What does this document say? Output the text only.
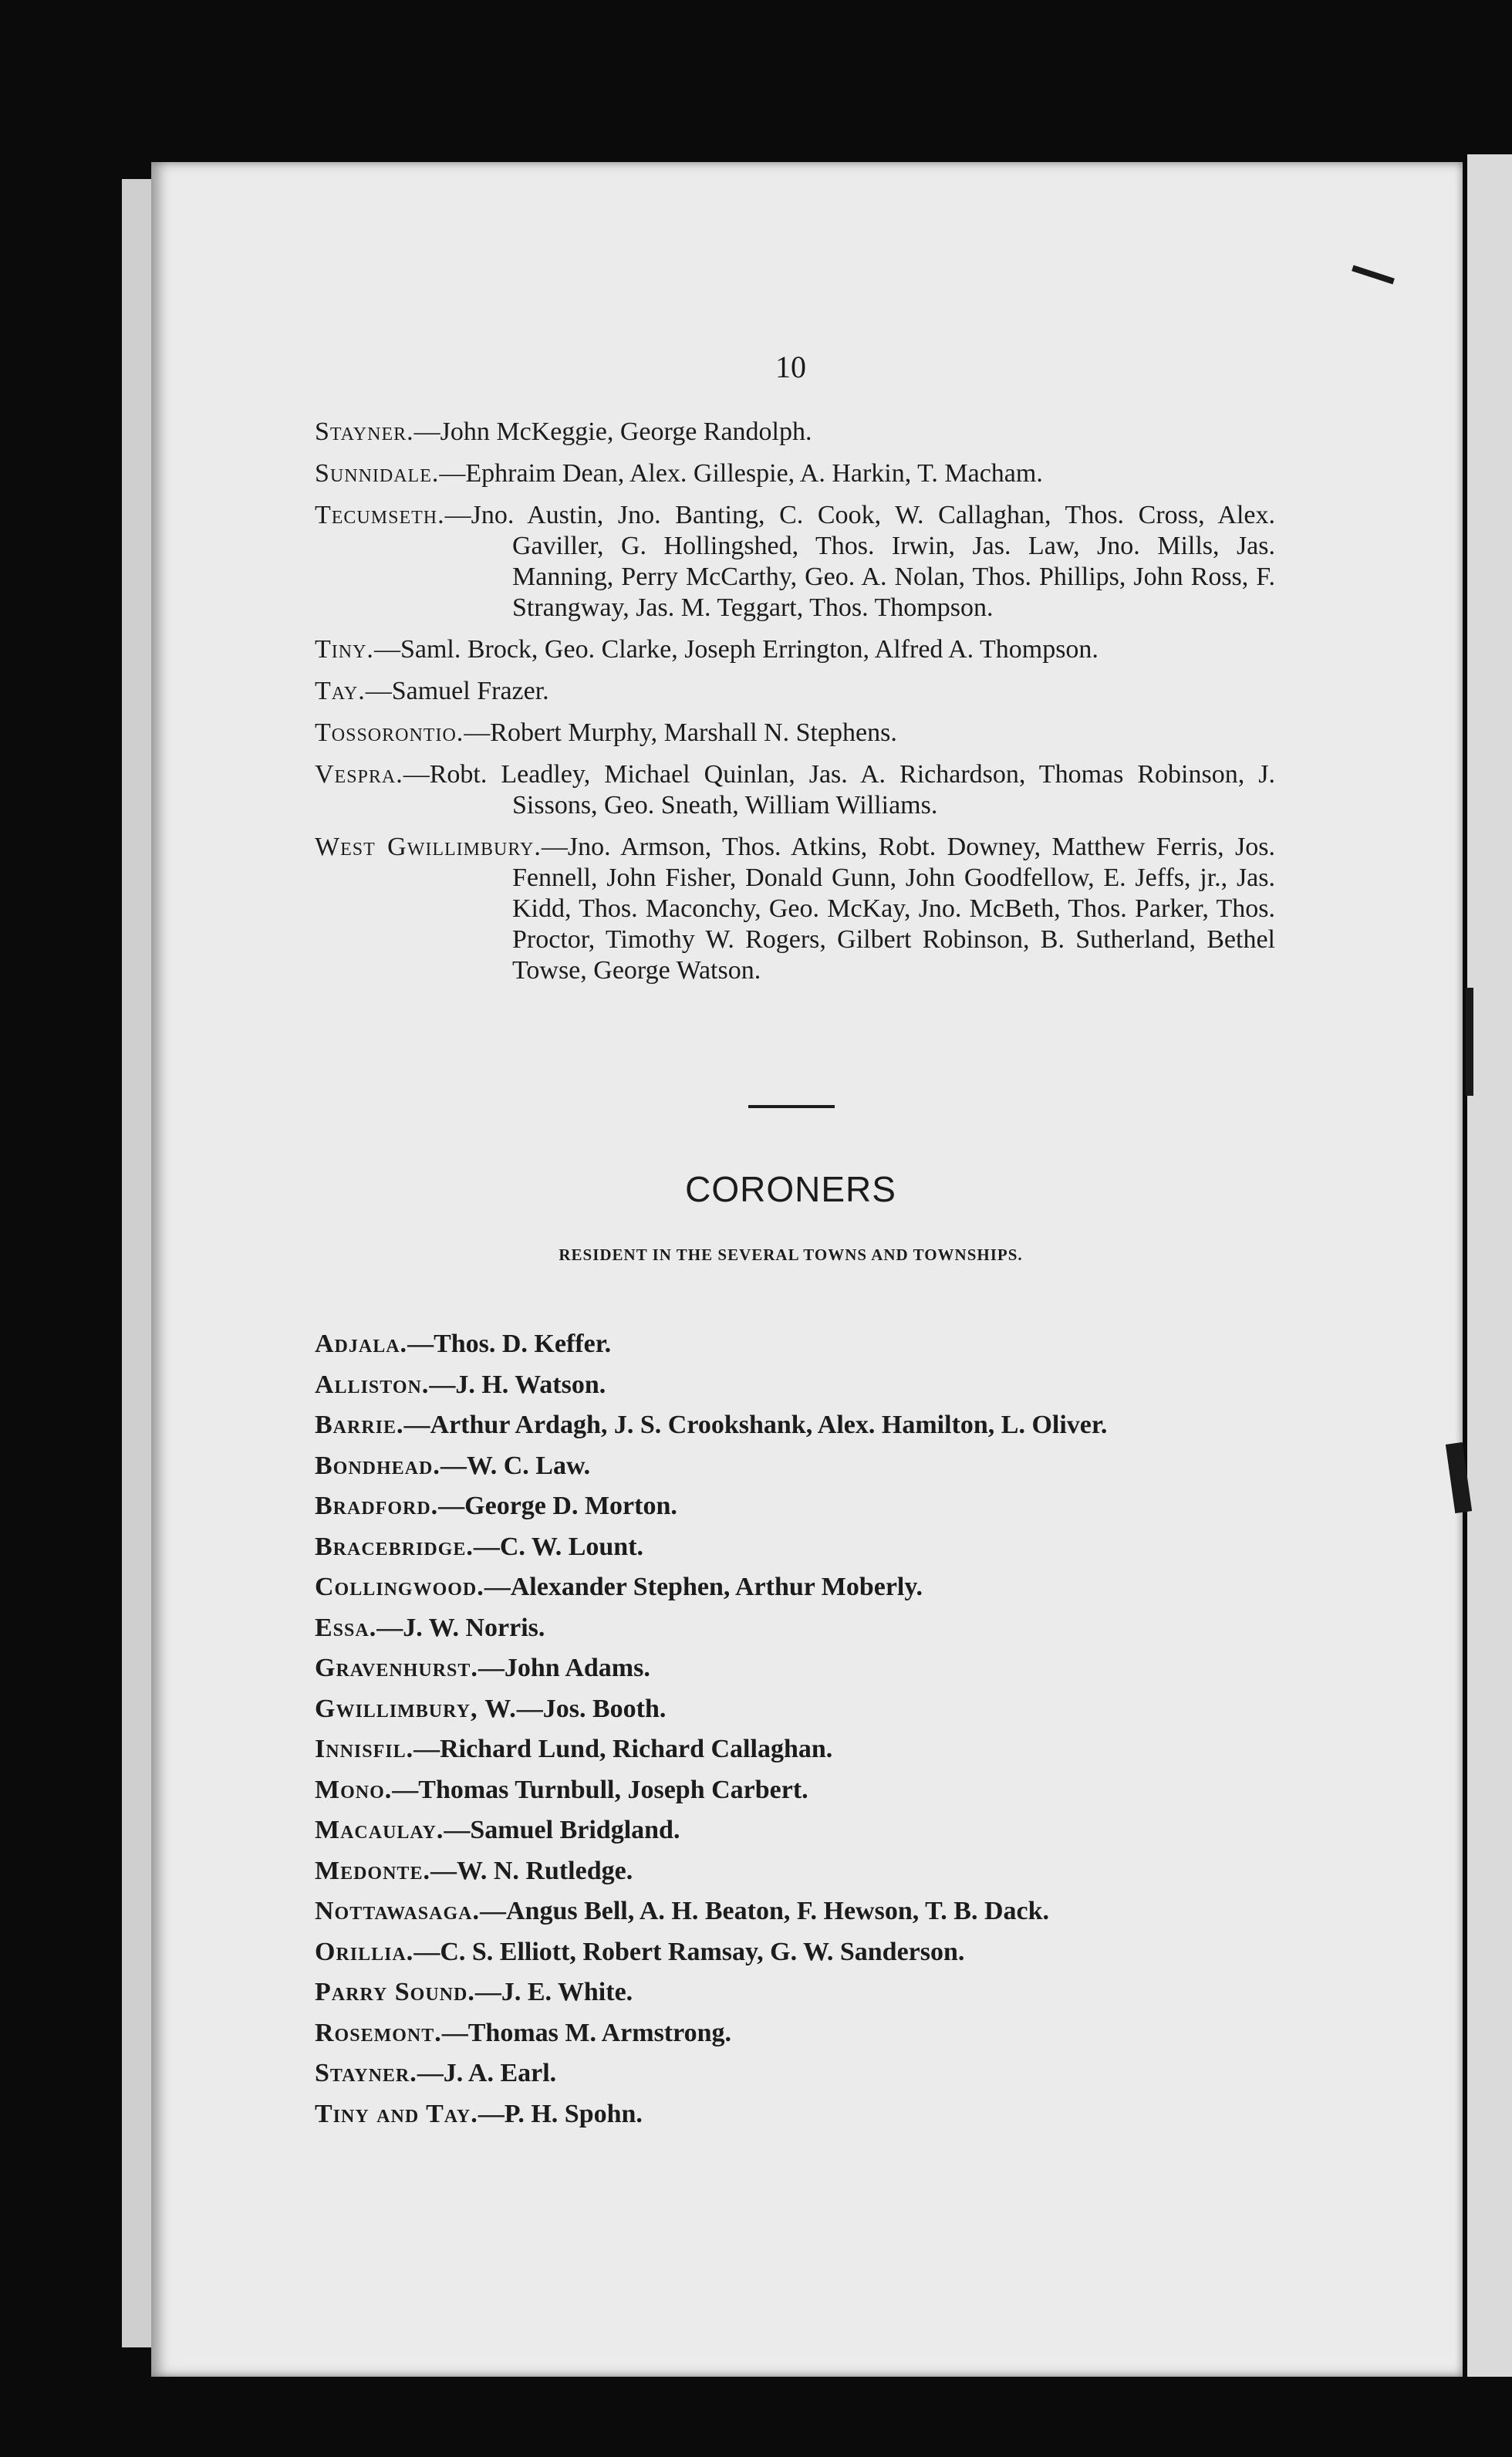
10

Stayner.—John McKeggie, George Randolph.

Sunnidale.—Ephraim Dean, Alex. Gillespie, A. Harkin, T. Macham.

Tecumseth.—Jno. Austin, Jno. Banting, C. Cook, W. Callaghan, Thos. Cross, Alex. Gaviller, G. Hollingshed, Thos. Irwin, Jas. Law, Jno. Mills, Jas. Manning, Perry McCarthy, Geo. A. Nolan, Thos. Phillips, John Ross, F. Strangway, Jas. M. Teggart, Thos. Thompson.

Tiny.—Saml. Brock, Geo. Clarke, Joseph Errington, Alfred A. Thompson.

Tay.—Samuel Frazer.

Tossorontio.—Robert Murphy, Marshall N. Stephens.

Vespra.—Robt. Leadley, Michael Quinlan, Jas. A. Richardson, Thomas Robinson, J. Sissons, Geo. Sneath, William Williams.

West Gwillimbury.—Jno. Armson, Thos. Atkins, Robt. Downey, Matthew Ferris, Jos. Fennell, John Fisher, Donald Gunn, John Goodfellow, E. Jeffs, jr., Jas. Kidd, Thos. Maconchy, Geo. McKay, Jno. McBeth, Thos. Parker, Thos. Proctor, Timothy W. Rogers, Gilbert Robinson, B. Sutherland, Bethel Towse, George Watson.

CORONERS
RESIDENT IN THE SEVERAL TOWNS AND TOWNSHIPS.

Adjala.—Thos. D. Keffer.

Alliston.—J. H. Watson.

Barrie.—Arthur Ardagh, J. S. Crookshank, Alex. Hamilton, L. Oliver.

Bondhead.—W. C. Law.

Bradford.—George D. Morton.

Bracebridge.—C. W. Lount.

Collingwood.—Alexander Stephen, Arthur Moberly.

Essa.—J. W. Norris.

Gravenhurst.—John Adams.

Gwillimbury, W.—Jos. Booth.

Innisfil.—Richard Lund, Richard Callaghan.

Mono.—Thomas Turnbull, Joseph Carbert.

Macaulay.—Samuel Bridgland.

Medonte.—W. N. Rutledge.

Nottawasaga.—Angus Bell, A. H. Beaton, F. Hewson, T. B. Dack.

Orillia.—C. S. Elliott, Robert Ramsay, G. W. Sanderson.

Parry Sound.—J. E. White.

Rosemont.—Thomas M. Armstrong.

Stayner.—J. A. Earl.

Tiny and Tay.—P. H. Spohn.
